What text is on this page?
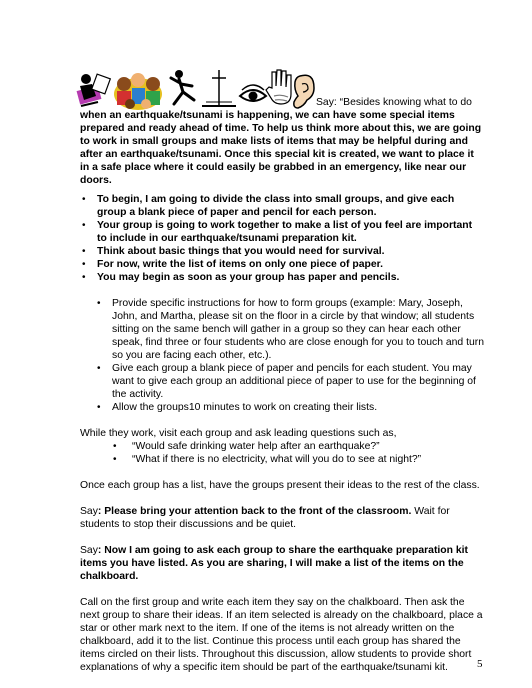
Say: “Besides knowing what to do
when an earthquake/tsunami is happening, we can have some special items
prepared and ready ahead of time. To help us think more about this, we are going
to work in small groups and make lists of items that may be helpful during and
after an earthquake/tsunami. Once this special kit is created, we want to place it
in a safe place where it could easily be grabbed in an emergency, like near our
doors.
• To begin, I am going to divide the class into small groups, and give each
group a blank piece of paper and pencil for each person.
• Your group is going to work together to make a list of you feel are important
to include in our earthquake/tsunami preparation kit.
• Think about basic things that you would need for survival.
• For now, write the list of items on only one piece of paper.
• You may begin as soon as your group has paper and pencils.
• Provide specific instructions for how to form groups (example: Mary, Joseph,
John, and Martha, please sit on the floor in a circle by that window; all students
sitting on the same bench will gather in a group so they can hear each other
speak, find three or four students who are close enough for you to touch and turn
so you are facing each other, etc.).
• Give each group a blank piece of paper and pencils for each student. You may
want to give each group an additional piece of paper to use for the beginning of
the activity.
• Allow the groups10 minutes to work on creating their lists.
While they work, visit each group and ask leading questions such as,
• “Would safe drinking water help after an earthquake?”
• “What if there is no electricity, what will you do to see at night?”
Once each group has a list, have the groups present their ideas to the rest of the class.
Say: Please bring your attention back to the front of the classroom. Wait for
students to stop their discussions and be quiet.
Say: Now I am going to ask each group to share the earthquake preparation kit
items you have listed. As you are sharing, I will make a list of the items on the
chalkboard.
Call on the first group and write each item they say on the chalkboard. Then ask the
next group to share their ideas. If an item selected is already on the chalkboard, place a
star or other mark next to the item. If one of the items is not already written on the
chalkboard, add it to the list. Continue this process until each group has shared the
items circled on their lists. Throughout this discussion, allow students to provide short
explanations of why a specific item should be part of the earthquake/tsunami kit.	5
